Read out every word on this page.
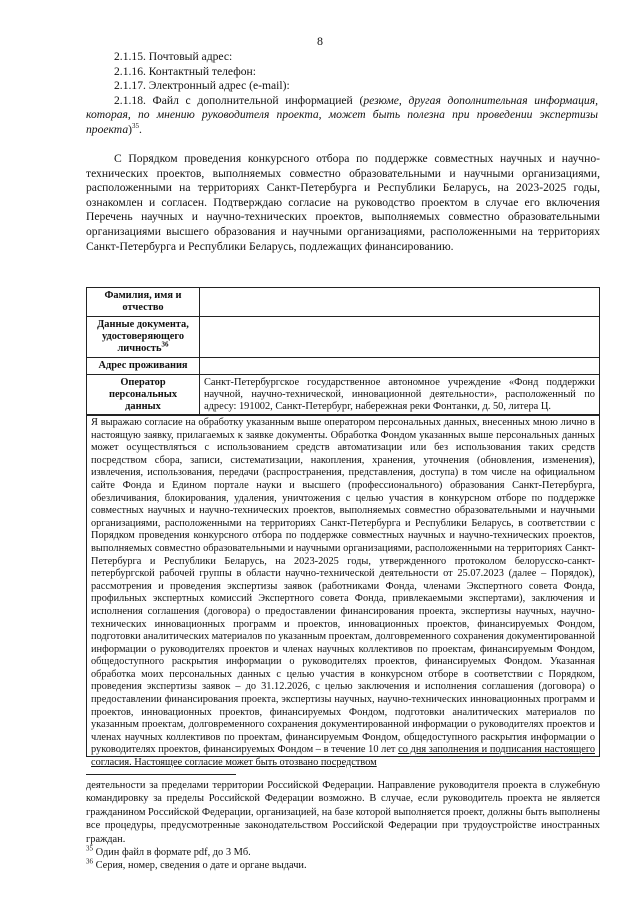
8
2.1.15. Почтовый адрес:
2.1.16. Контактный телефон:
2.1.17. Электронный адрес (e-mail):
2.1.18. Файл с дополнительной информацией (резюме, другая дополнительная информация, которая, по мнению руководителя проекта, может быть полезна при проведении экспертизы проекта)$^{35}$.

С Порядком проведения конкурсного отбора по поддержке совместных научных и научно-технических проектов, выполняемых совместно образовательными и научными организациями, расположенными на территориях Санкт-Петербурга и Республики Беларусь, на 2023-2025 годы, ознакомлен и согласен. Подтверждаю согласие на руководство проектом в случае его включения Перечень научных и научно-технических проектов, выполняемых совместно образовательными организациями высшего образования и научными организациями, расположенными на территориях Санкт-Петербурга и Республики Беларусь, подлежащих финансированию.

Фамилия, имя и отчество	
Данные документа, удостоверяющего личность$^{36}$	
Адрес проживания	
Оператор персональных данных	Санкт-Петербургское государственное автономное учреждение «Фонд поддержки научной, научно-технической, инновационной деятельности», расположенный по адресу: 191002, Санкт-Петербург, набережная реки Фонтанки, д. 50, литера Ц.
Я выражаю согласие на обработку указанным выше оператором персональных данных, внесенных мною лично в настоящую заявку, прилагаемых к заявке документы. Обработка Фондом указанных выше персональных данных может осуществляться с использованием средств автоматизации или без использования таких средств посредством сбора, записи, систематизации, накопления, хранения, уточнения (обновления, изменения), извлечения, использования, передачи (распространения, представления, доступа) в том числе на официальном сайте Фонда и Едином портале науки и высшего (профессионального) образования Санкт-Петербурга, обезличивания, блокирования, удаления, уничтожения с целью участия в конкурсном отборе по поддержке совместных научных и научно-технических проектов, выполняемых совместно образовательными и научными организациями, расположенными на территориях Санкт-Петербурга и Республики Беларусь, в соответствии с Порядком проведения конкурсного отбора по поддержке совместных научных и научно-технических проектов, выполняемых совместно образовательными и научными организациями, расположенными на территориях Санкт-Петербурга и Республики Беларусь, на 2023-2025 годы, утвержденного протоколом белорусско-санкт-петербургской рабочей группы в области научно-технической деятельности от 25.07.2023 (далее – Порядок), рассмотрения и проведения экспертизы заявок (работниками Фонда, членами Экспертного совета Фонда, профильных экспертных комиссий Экспертного совета Фонда, привлекаемыми экспертами), заключения и исполнения соглашения (договора) о предоставлении финансирования проекта, экспертизы научных, научно-технических инновационных программ и проектов, инновационных проектов, финансируемых Фондом, подготовки аналитических материалов по указанным проектам, долговременного сохранения документированной информации о руководителях проектов и членах научных коллективов по проектам, финансируемым Фондом, общедоступного раскрытия информации о руководителях проектов, финансируемых Фондом. Указанная обработка моих персональных данных с целью участия в конкурсном отборе в соответствии с Порядком, проведения экспертизы заявок – до 31.12.2026, с целью заключения и исполнения соглашения (договора) о предоставлении финансирования проекта, экспертизы научных, научно-технических инновационных программ и проектов, инновационных проектов, финансируемых Фондом, подготовки аналитических материалов по указанным проектам, долговременного сохранения документированной информации о руководителях проектов и членах научных коллективов по проектам, финансируемым Фондом, общедоступного раскрытия информации о руководителях проектов, финансируемых Фондом – в течение 10 лет со дня заполнения и подписания настоящего согласия. Настоящее согласие может быть отозвано посредством
деятельности за пределами территории Российской Федерации. Направление руководителя проекта в служебную командировку за пределы Российской Федерации возможно. В случае, если руководитель проекта не является гражданином Российской Федерации, организацией, на базе которой выполняется проект, должны быть выполнены все процедуры, предусмотренные законодательством Российской Федерации при трудоустройстве иностранных граждан.
$^{35}$ Один файл в формате pdf, до 3 Мб.
$^{36}$ Серия, номер, сведения о дате и органе выдачи.
